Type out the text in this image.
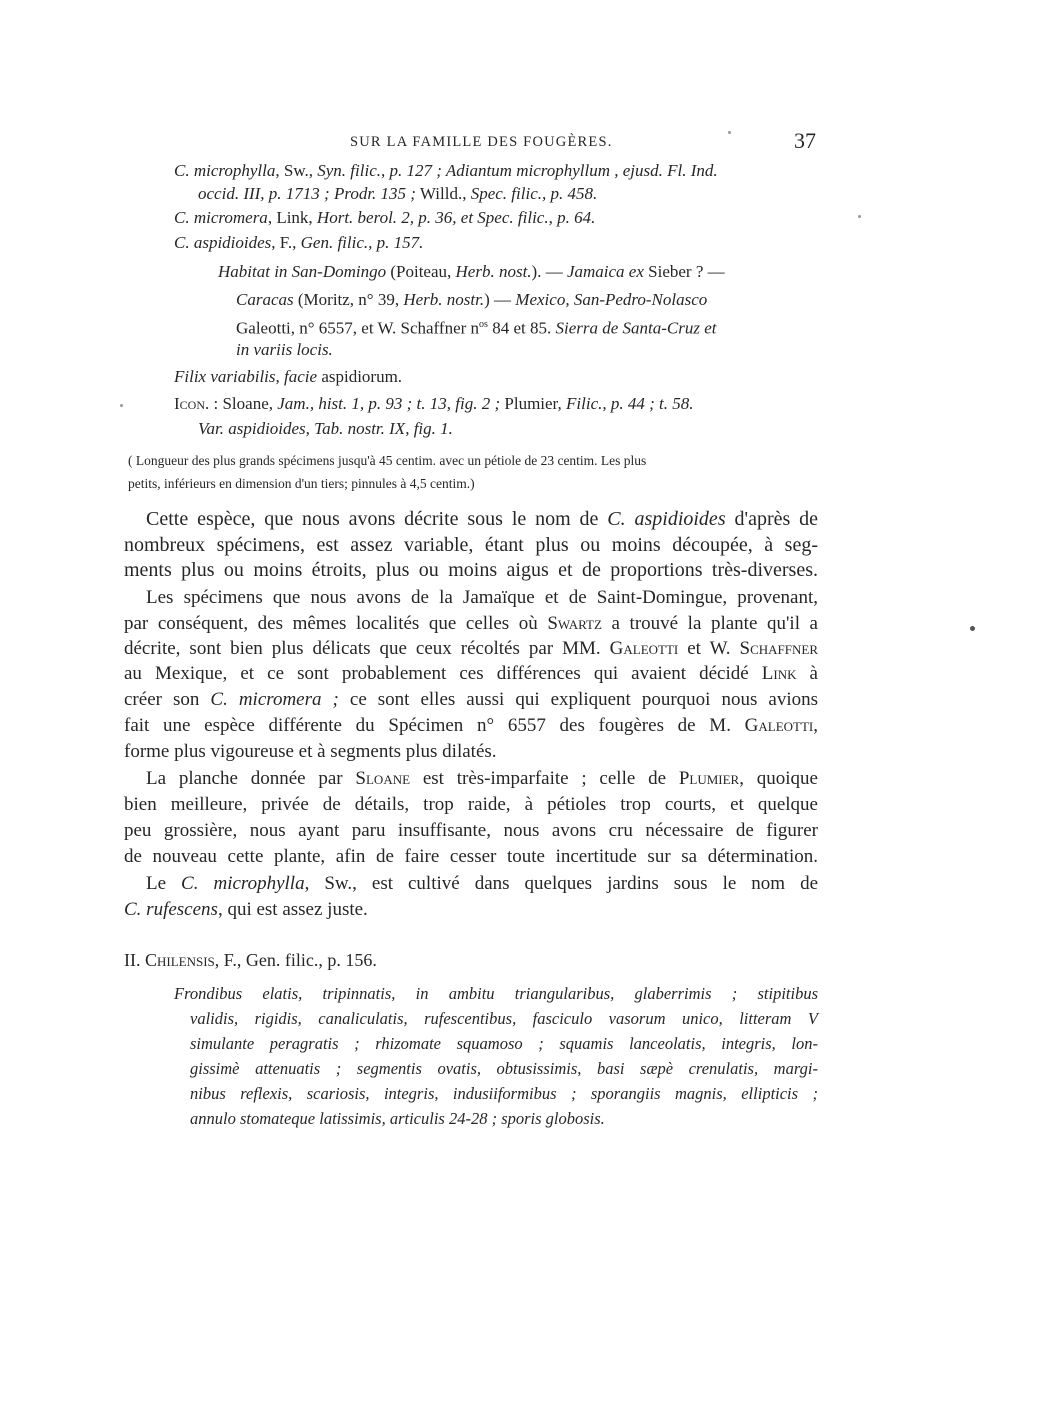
SUR LA FAMILLE DES FOUGÈRES.	37
C. microphylla, Sw., Syn. filic., p. 127 ; Adiantum microphyllum , ejusd. Fl. Ind.
occid. III, p. 1713 ; Prodr. 135 ; Willd., Spec. filic., p. 458.
C. micromera, Link, Hort. berol. 2, p. 36, et Spec. filic., p. 64.
C. aspidioides, F., Gen. filic., p. 157.
Habitat in San-Domingo (Poiteau, Herb. nost.). — Jamaica ex Sieber ? —
Caracas (Moritz, n° 39, Herb. nostr.) — Mexico, San-Pedro-Nolasco
Galeotti, n° 6557, et W. Schaffner $n^{os}$ 84 et 85. Sierra de Santa-Cruz et
in variis locis.
Filix variabilis, facie aspidiorum.
Icon. : Sloane, Jam., hist. 1, p. 93 ; t. 13, fig. 2 ; Plumier, Filic., p. 44 ; t. 58.
Var. aspidioides, Tab. nostr. IX, fig. 1.
( Longueur des plus grands spécimens jusqu'à 45 centim. avec un pétiole de 23 centim. Les plus
petits, inférieurs en dimension d'un tiers; pinnules à 4,5 centim.)
Cette espèce, que nous avons décrite sous le nom de C. aspidioides d'après de
nombreux spécimens, est assez variable, étant plus ou moins découpée, à seg-
ments plus ou moins étroits, plus ou moins aigus et de proportions très-diverses.
Les spécimens que nous avons de la Jamaïque et de Saint-Domingue, provenant,
par conséquent, des mêmes localités que celles où Swartz a trouvé la plante qu'il a
décrite, sont bien plus délicats que ceux récoltés par MM. Galeotti et W. Schaffner
au Mexique, et ce sont probablement ces différences qui avaient décidé Link à
créer son C. micromera ; ce sont elles aussi qui expliquent pourquoi nous avions
fait une espèce différente du Spécimen n° 6557 des fougères de M. Galeotti,
forme plus vigoureuse et à segments plus dilatés.
La planche donnée par Sloane est très-imparfaite ; celle de Plumier, quoique
bien meilleure, privée de détails, trop raide, à pétioles trop courts, et quelque
peu grossière, nous ayant paru insuffisante, nous avons cru nécessaire de figurer
de nouveau cette plante, afin de faire cesser toute incertitude sur sa détermination.
Le C. microphylla, Sw., est cultivé dans quelques jardins sous le nom de
C. rufescens, qui est assez juste.
II. Chilensis, F., Gen. filic., p. 156.
Frondibus elatis, tripinnatis, in ambitu triangularibus, glaberrimis ; stipitibus
validis, rigidis, canaliculatis, rufescentibus, fasciculo vasorum unico, litteram V
simulante peragratis ; rhizomate squamoso ; squamis lanceolatis, integris, lon-
gissimè attenuatis ; segmentis ovatis, obtusissimis, basi sæpè crenulatis, margi-
nibus reflexis, scariosis, integris, indusiiformibus ; sporangiis magnis, ellipticis ;
annulo stomateque latissimis, articulis 24-28 ; sporis globosis.
